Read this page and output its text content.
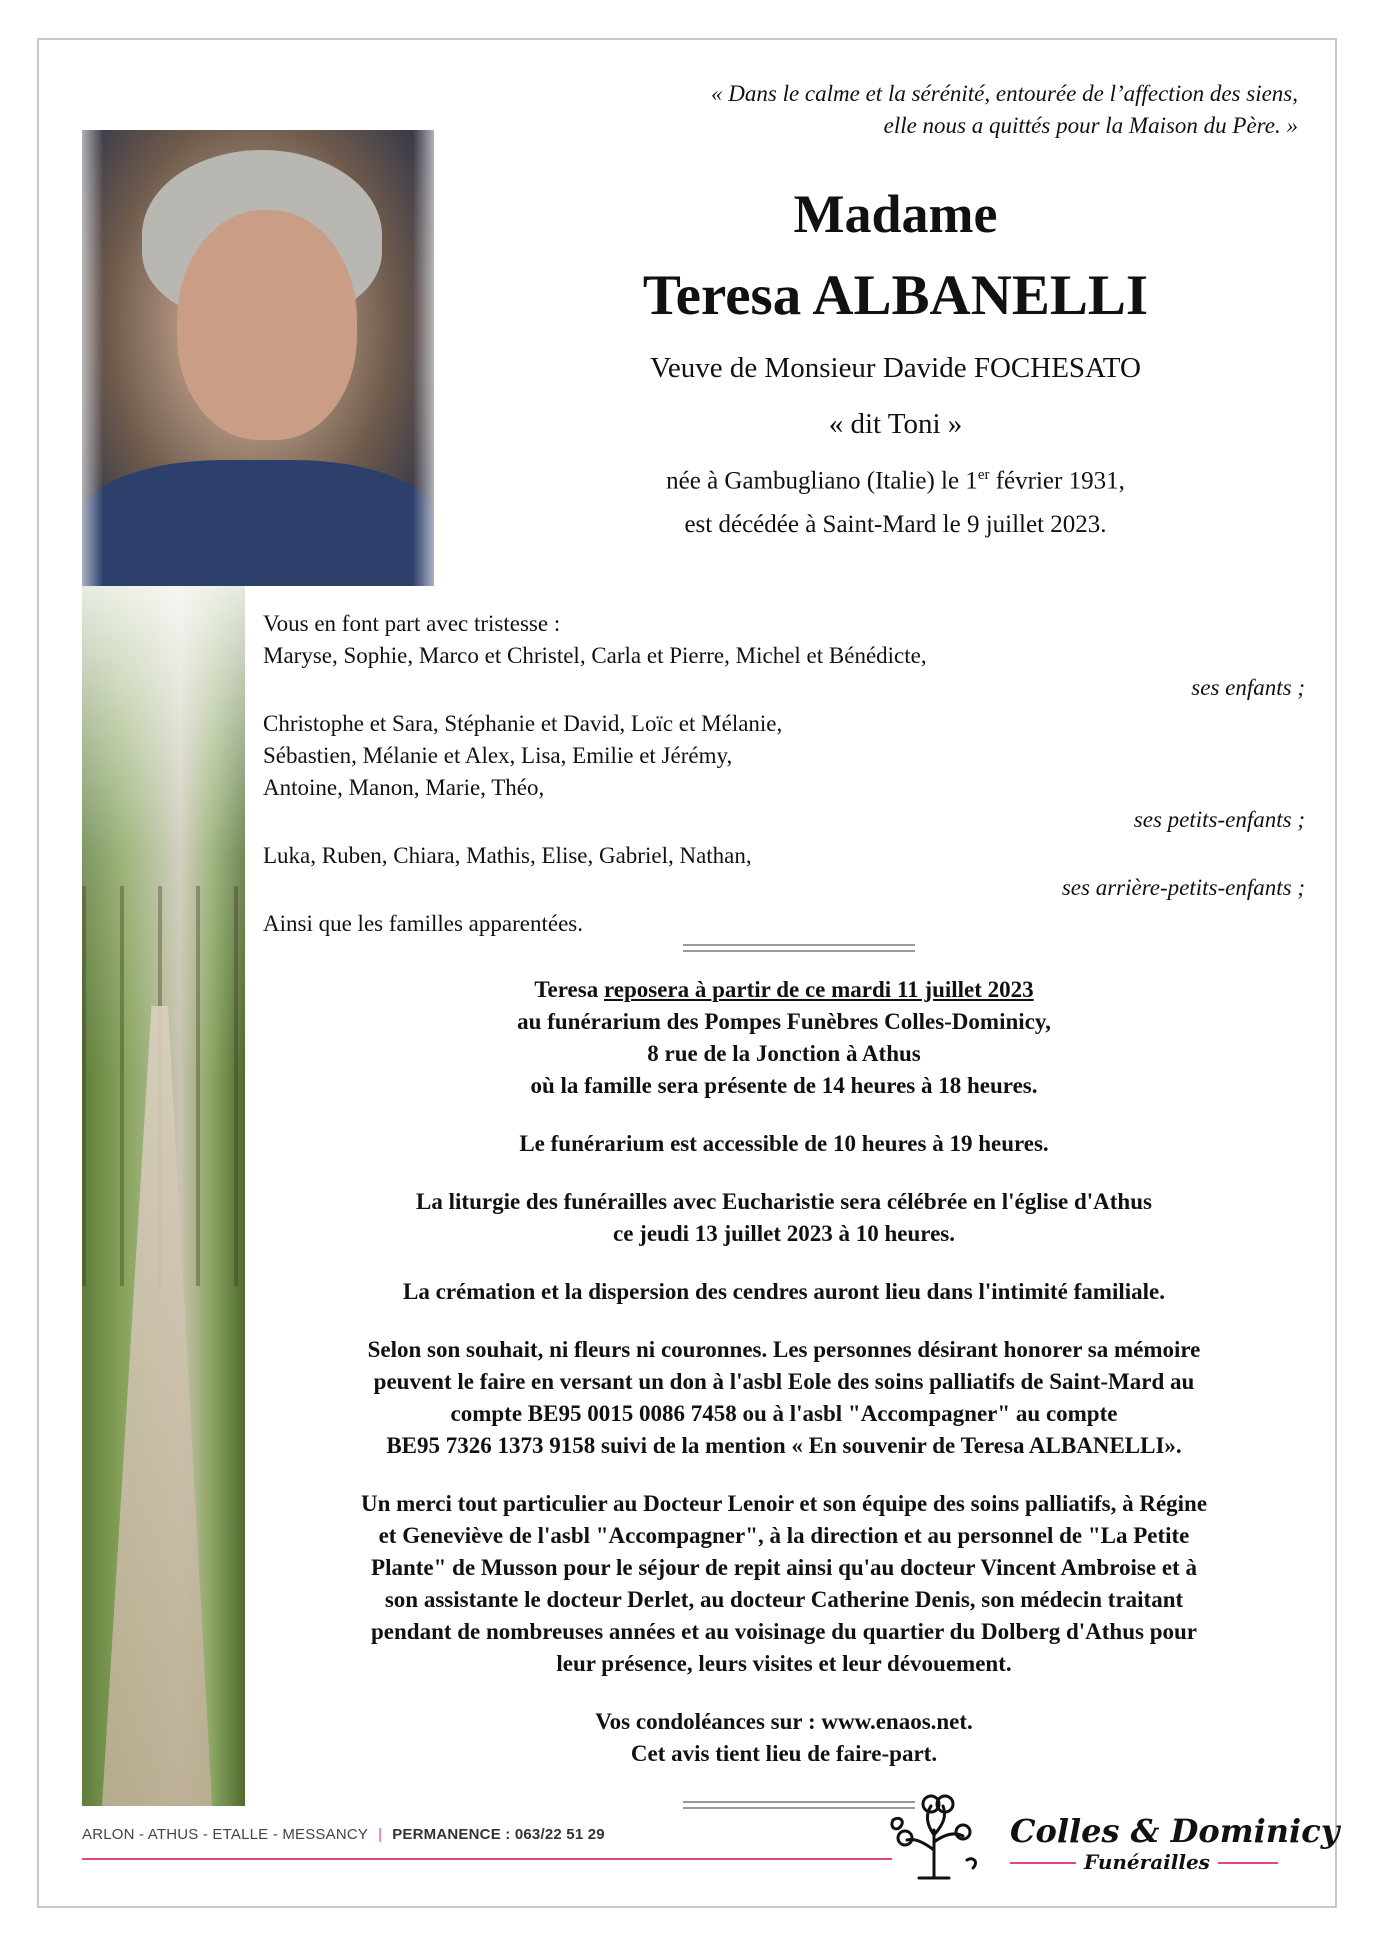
« Dans le calme et la sérénité, entourée de l’affection des siens,
elle nous a quittés pour la Maison du Père. »
Madame
Teresa ALBANELLI
Veuve de Monsieur Davide FOCHESATO
« dit Toni »
née à Gambugliano (Italie) le 1er février 1931,
est décédée à Saint-Mard le 9 juillet 2023.
Vous en font part avec tristesse :
Maryse, Sophie, Marco et Christel, Carla et Pierre, Michel et Bénédicte,
ses enfants ;
Christophe et Sara, Stéphanie et David, Loïc et Mélanie,
Sébastien, Mélanie et Alex, Lisa, Emilie et Jérémy,
Antoine, Manon, Marie, Théo,
ses petits-enfants ;
Luka, Ruben, Chiara, Mathis, Elise, Gabriel, Nathan,
ses arrière-petits-enfants ;
Ainsi que les familles apparentées.

Teresa reposera à partir de ce mardi 11 juillet 2023
au funérarium des Pompes Funèbres Colles-Dominicy,
8 rue de la Jonction à Athus
où la famille sera présente de 14 heures à 18 heures.

Le funérarium est accessible de 10 heures à 19 heures.

La liturgie des funérailles avec Eucharistie sera célébrée en l'église d'Athus
ce jeudi 13 juillet 2023 à 10 heures.

La crémation et la dispersion des cendres auront lieu dans l'intimité familiale.

Selon son souhait, ni fleurs ni couronnes. Les personnes désirant honorer sa mémoire
peuvent le faire en versant un don à l'asbl Eole des soins palliatifs de Saint-Mard au
compte BE95 0015 0086 7458 ou à l'asbl "Accompagner" au compte
BE95 7326 1373 9158 suivi de la mention « En souvenir de Teresa ALBANELLI».

Un merci tout particulier au Docteur Lenoir et son équipe des soins palliatifs, à Régine
et Geneviève de l'asbl "Accompagner", à la direction et au personnel de "La Petite
Plante" de Musson pour le séjour de repit ainsi qu'au docteur Vincent Ambroise et à
son assistante le docteur Derlet, au docteur Catherine Denis, son médecin traitant
pendant de nombreuses années et au voisinage du quartier du Dolberg d'Athus pour
leur présence, leurs visites et leur dévouement.

Vos condoléances sur : www.enaos.net.
Cet avis tient lieu de faire-part.

ARLON - ATHUS - ETALLE - MESSANCY | PERMANENCE : 063/22 51 29	Colles & Dominicy
Funérailles
